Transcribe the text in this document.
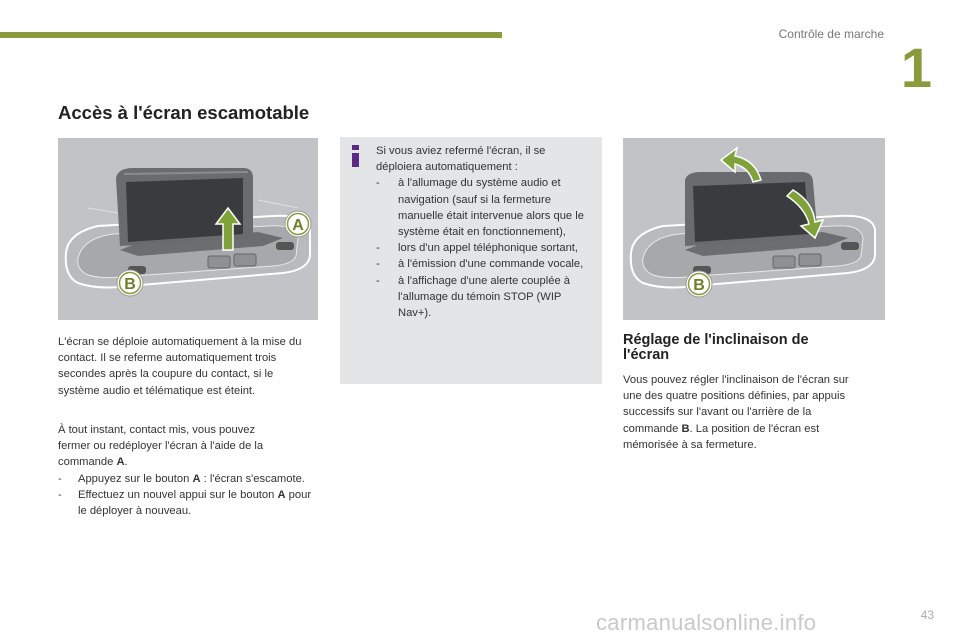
Contrôle de marche
1
Accès à l'écran escamotable
A
B	B

L'écran se déploie automatiquement à la mise du contact. Il se referme automatiquement trois secondes après la coupure du contact, si le système audio et télématique est éteint.

À tout instant, contact mis, vous pouvez
fermer ou redéployer l'écran à l'aide de la
commande A.
-	Appuyez sur le bouton A : l'écran s'escamote.
-	Effectuez un nouvel appui sur le bouton A pour le déployer à nouveau.
Si vous aviez refermé l'écran, il se déploiera automatiquement :
-	à l'allumage du système audio et navigation (sauf si la fermeture manuelle était intervenue alors que le système était en fonctionnement),
-	lors d'un appel téléphonique sortant,
-	à l'émission d'une commande vocale,
-	à l'affichage d'une alerte couplée à l'allumage du témoin STOP (WIP Nav+).
Réglage de l'inclinaison de l'écran

Vous pouvez régler l'inclinaison de l'écran sur une des quatre positions définies, par appuis successifs sur l'avant ou l'arrière de la commande B. La position de l'écran est mémorisée à sa fermeture.

43
carmanualsonline.info
